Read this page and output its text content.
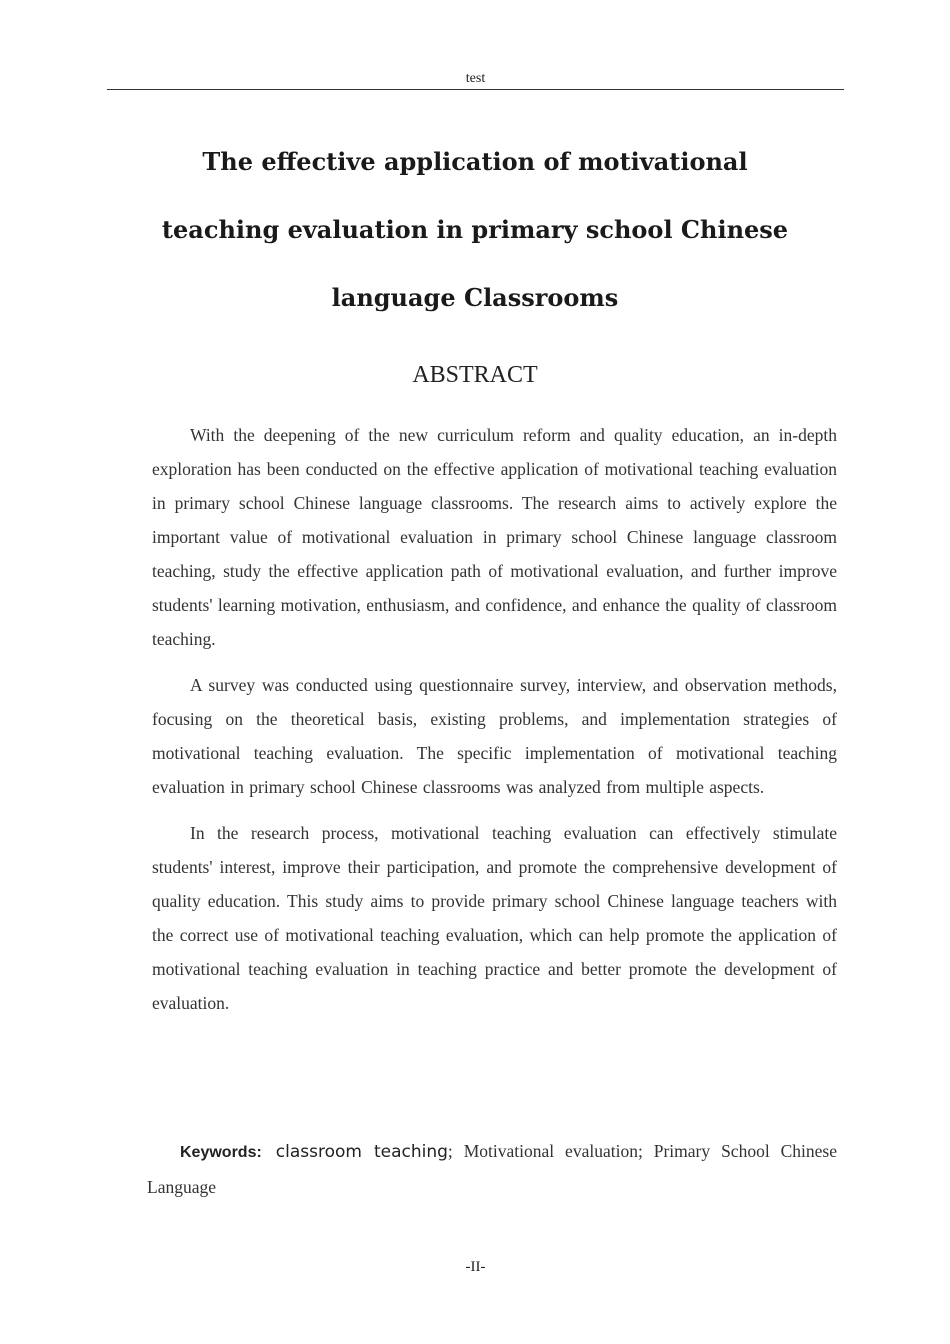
test
The effective application of motivational teaching evaluation in primary school Chinese language Classrooms
ABSTRACT

With the deepening of the new curriculum reform and quality education, an in-depth exploration has been conducted on the effective application of motivational teaching evaluation in primary school Chinese language classrooms. The research aims to actively explore the important value of motivational evaluation in primary school Chinese language classroom teaching, study the effective application path of motivational evaluation, and further improve students' learning motivation, enthusiasm, and confidence, and enhance the quality of classroom teaching.

A survey was conducted using questionnaire survey, interview, and observation methods, focusing on the theoretical basis, existing problems, and implementation strategies of motivational teaching evaluation. The specific implementation of motivational teaching evaluation in primary school Chinese classrooms was analyzed from multiple aspects.

In the research process, motivational teaching evaluation can effectively stimulate students' interest, improve their participation, and promote the comprehensive development of quality education. This study aims to provide primary school Chinese language teachers with the correct use of motivational teaching evaluation, which can help promote the application of motivational teaching evaluation in teaching practice and better promote the development of evaluation.

Keywords: classroom teaching; Motivational evaluation; Primary School Chinese Language
-II-
